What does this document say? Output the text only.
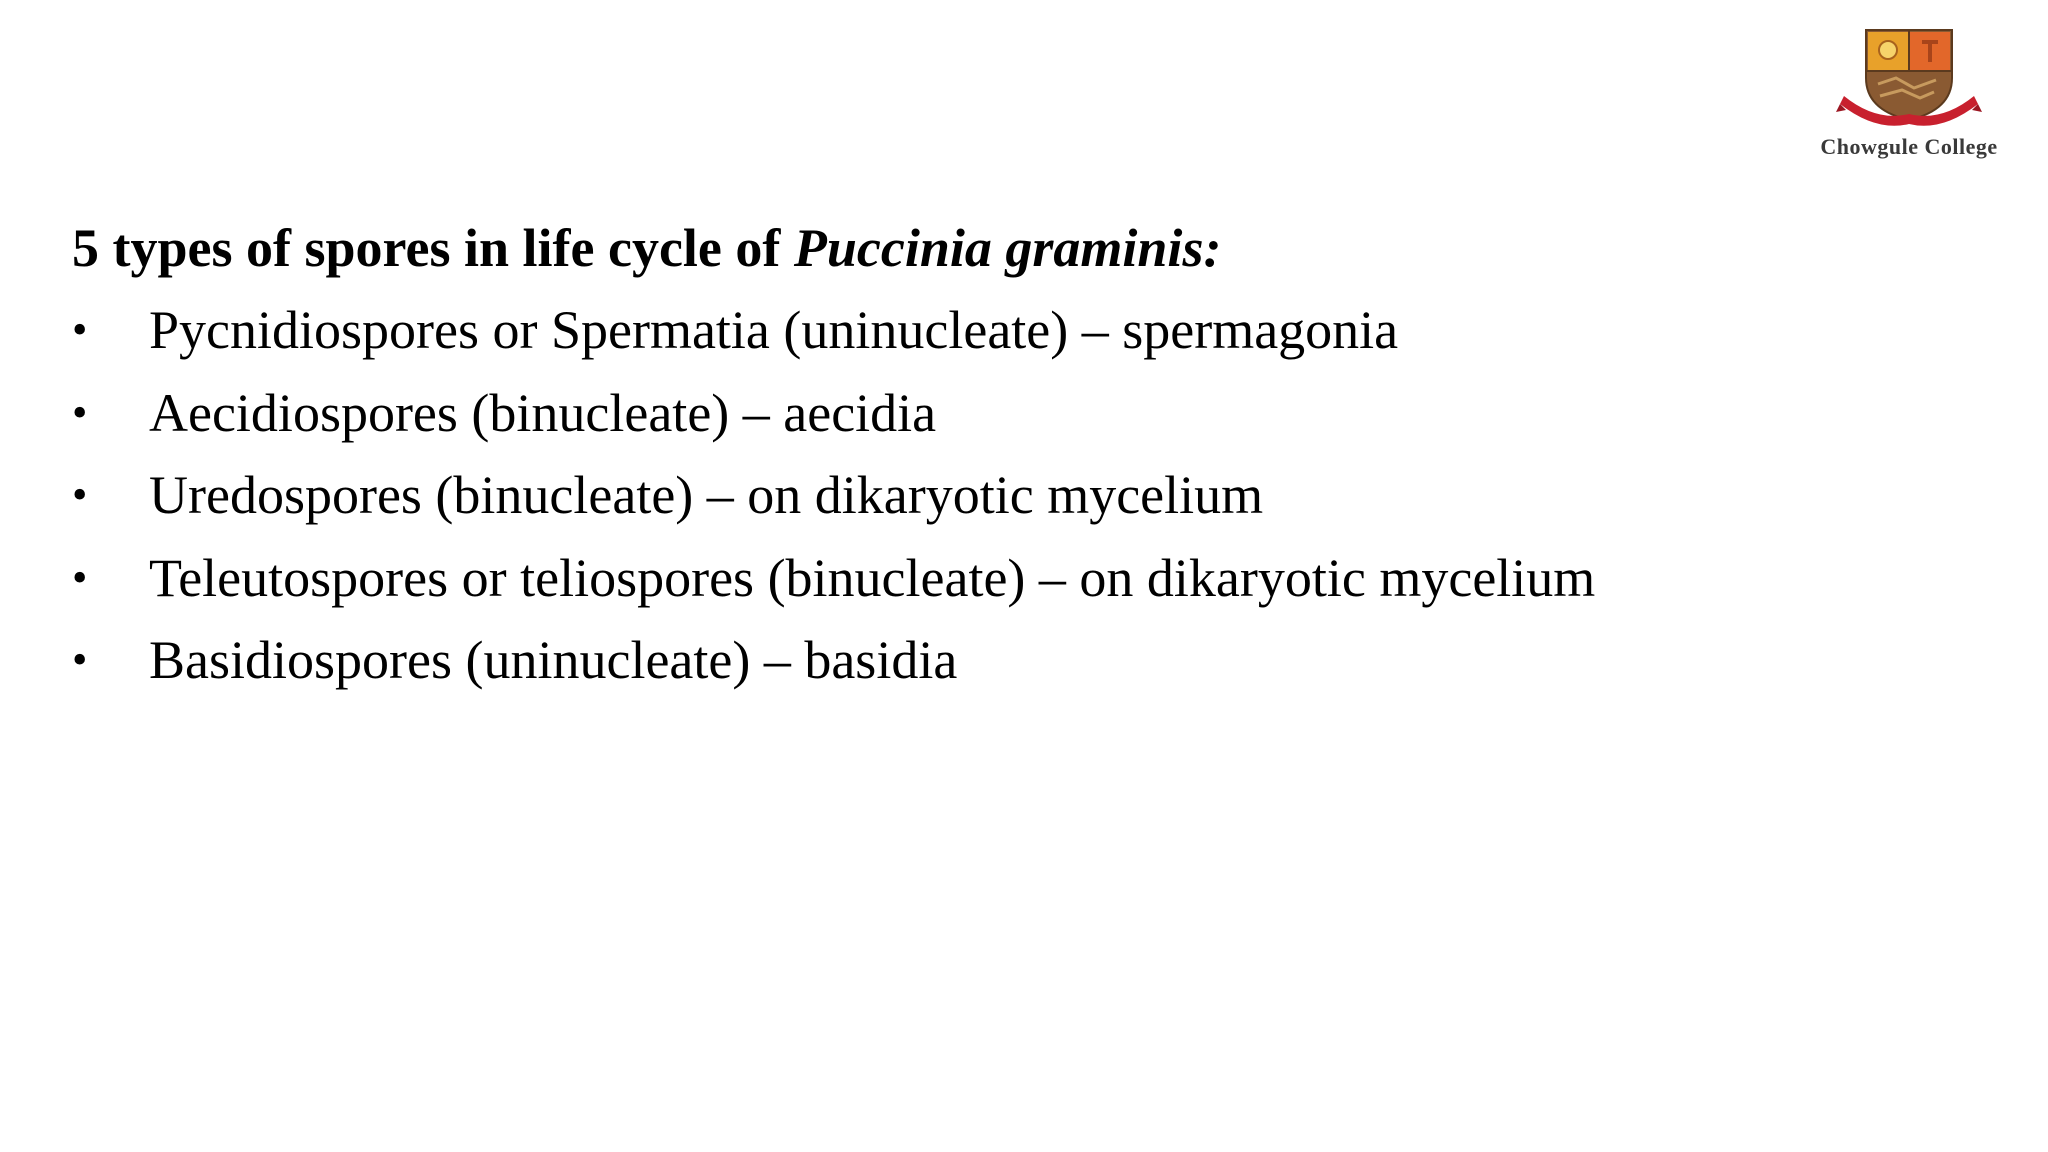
Chowgule College
5 types of spores in life cycle of Puccinia graminis:
•	Pycnidiospores or Spermatia (uninucleate) – spermagonia
•	Aecidiospores (binucleate) – aecidia
•	Uredospores (binucleate) – on dikaryotic mycelium
•	Teleutospores or teliospores (binucleate) – on dikaryotic mycelium
•	Basidiospores (uninucleate) – basidia
